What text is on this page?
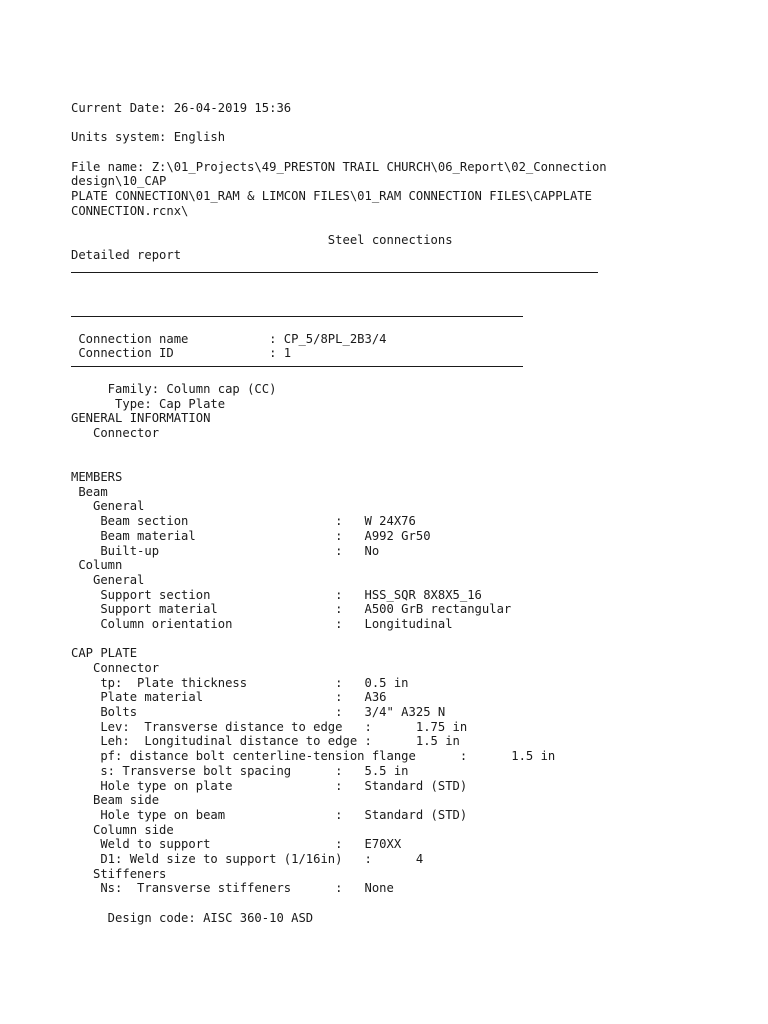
Current Date: 26-04-2019 15:36
Units system: English
File name: Z:\01_Projects\49_PRESTON TRAIL CHURCH\06_Report\02_Connection
design\10_CAP
PLATE CONNECTION\01_RAM & LIMCON FILES\01_RAM CONNECTION FILES\CAPPLATE
CONNECTION.rcnx\
Steel connections
Detailed report
Connection name           : CP_5/8PL_2B3/4
Connection ID             : 1
Family: Column cap (CC)
Type: Cap Plate
GENERAL INFORMATION
Connector
MEMBERS
Beam
General
Beam section                    :   W 24X76
Beam material                   :   A992 Gr50
Built-up                        :   No
Column
General
Support section                 :   HSS_SQR 8X8X5_16
Support material                :   A500 GrB rectangular
Column orientation              :   Longitudinal
CAP PLATE
Connector
tp:  Plate thickness            :   0.5 in
Plate material                  :   A36
Bolts                           :   3/4" A325 N
Lev:  Transverse distance to edge   :      1.75 in
Leh:  Longitudinal distance to edge :      1.5 in
pf: distance bolt centerline-tension flange      :      1.5 in
s: Transverse bolt spacing      :   5.5 in
Hole type on plate              :   Standard (STD)
Beam side
Hole type on beam               :   Standard (STD)
Column side
Weld to support                 :   E70XX
D1: Weld size to support (1/16in)   :      4
Stiffeners
Ns:  Transverse stiffeners      :   None
Design code: AISC 360-10 ASD
